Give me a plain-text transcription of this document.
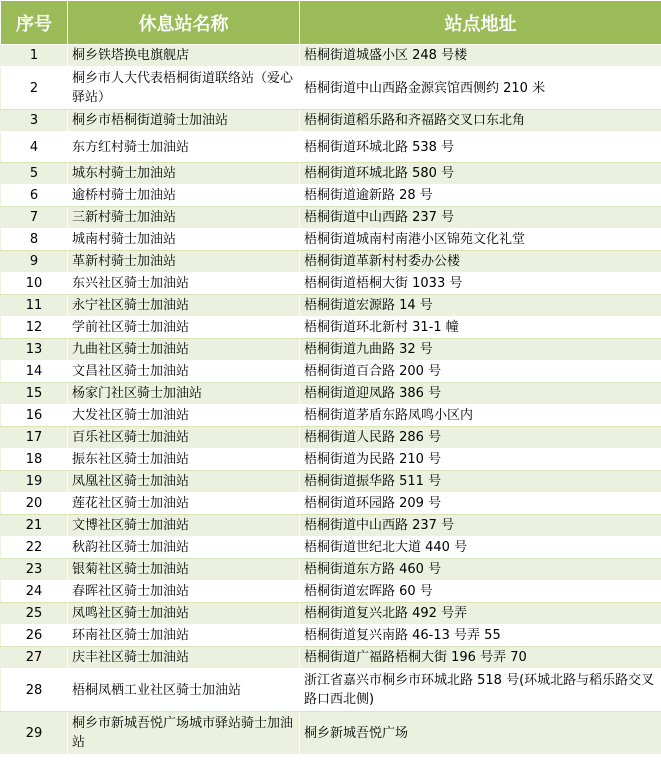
序号	休息站名称	站点地址
1	桐乡铁塔换电旗舰店	梧桐街道城盛小区 248 号楼
2	桐乡市人大代表梧桐街道联络站（爱心驿站）	梧桐街道中山西路金源宾馆西侧约 210 米
3	桐乡市梧桐街道骑士加油站	梧桐街道稻乐路和齐福路交叉口东北角
4	东方红村骑士加油站	梧桐街道环城北路 538 号
5	城东村骑士加油站	梧桐街道环城北路 580 号
6	逾桥村骑士加油站	梧桐街道逾新路 28 号
7	三新村骑士加油站	梧桐街道中山西路 237 号
8	城南村骑士加油站	梧桐街道城南村南港小区锦苑文化礼堂
9	革新村骑士加油站	梧桐街道革新村村委办公楼
10	东兴社区骑士加油站	梧桐街道梧桐大街 1033 号
11	永宁社区骑士加油站	梧桐街道宏源路 14 号
12	学前社区骑士加油站	梧桐街道环北新村 31-1 幢
13	九曲社区骑士加油站	梧桐街道九曲路 32 号
14	文昌社区骑士加油站	梧桐街道百合路 200 号
15	杨家门社区骑士加油站	梧桐街道迎凤路 386 号
16	大发社区骑士加油站	梧桐街道茅盾东路凤鸣小区内
17	百乐社区骑士加油站	梧桐街道人民路 286 号
18	振东社区骑士加油站	梧桐街道为民路 210 号
19	凤凰社区骑士加油站	梧桐街道振华路 511 号
20	莲花社区骑士加油站	梧桐街道环园路 209 号
21	文博社区骑士加油站	梧桐街道中山西路 237 号
22	秋韵社区骑士加油站	梧桐街道世纪北大道 440 号
23	银菊社区骑士加油站	梧桐街道东方路 460 号
24	春晖社区骑士加油站	梧桐街道宏晖路 60 号
25	凤鸣社区骑士加油站	梧桐街道复兴北路 492 号弄
26	环南社区骑士加油站	梧桐街道复兴南路 46-13 号弄 55
27	庆丰社区骑士加油站	梧桐街道广福路梧桐大街 196 号弄 70
28	梧桐凤栖工业社区骑士加油站	浙江省嘉兴市桐乡市环城北路 518 号(环城北路与稻乐路交叉路口西北侧)
29	桐乡市新城吾悦广场城市驿站骑士加油站	桐乡新城吾悦广场
